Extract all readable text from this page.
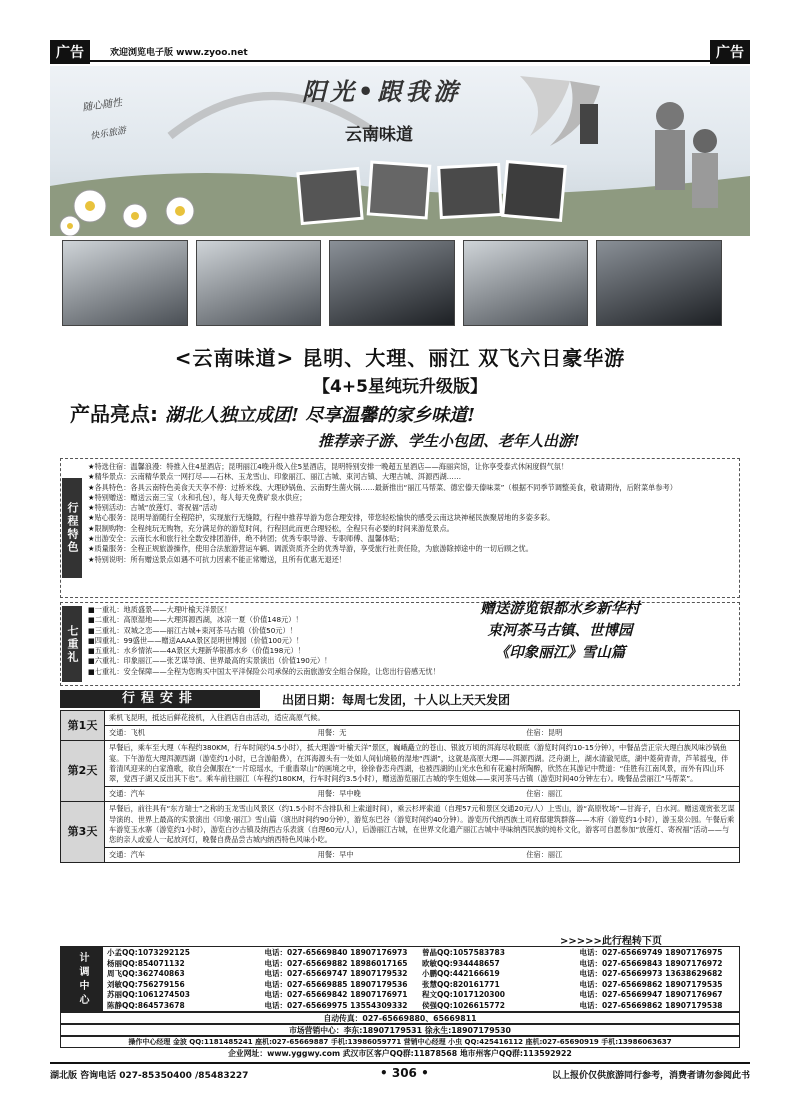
广告	欢迎浏览电子版 www.zyoo.net	广告
阳光•跟我游
云南味道
随心随性
快乐旅游
<云南味道> 昆明、大理、丽江 双飞六日豪华游
【4+5星纯玩升级版】
产品亮点: 湖北人独立成团! 尽享温馨的家乡味道!
推荐亲子游、学生小包团、老年人出游!
行程特色
★特选住宿：温馨浪漫：特推入住4星酒店；昆明丽江4晚升级入住5星酒店，昆明特别安排一晚超五星酒店——海丽宾馆，让你享受泰式休闲度假气氛！
★精华景点：云南精华景点一网打尽——石林、玉龙雪山、印象丽江、丽江古城、束河古镇、大理古城、洱源西湖……
★各具特色：各具云南特色美食天天享不停：过桥米线、大理砂锅鱼、云南野生菌火锅……最新推出“丽江马帮菜、德宏傣天傣味菜”（根据不同季节调整美食，敬请期待，后附菜单参考）
★特别赠送：赠送云南三宝（永和孔包），每人每天免费矿泉水供应；
★特别活动：古城“放莲灯、寄祝福”活动
★贴心服务：昆明导游随行全程陪护，实现旅行无缝隙，行程中推荐导游为您合理安排，带您轻松愉快的感受云南这块神秘民族聚居地的多姿多彩。
★限制购物：全程纯玩无购物，充分满足你的游览时间，行程回此而更合理轻松，全程只有必要的时间来游览景点。
★出游安全：云南长水和旅行社全数安排团游伴，绝不转团；优秀专职导游、专职师傅、温馨体贴；
★质量服务：全程正规旅游操作，使用合法旅游营运车辆、调派资质齐全的优秀导游，享受旅行社责任险，为旅游除掉途中的一切后顾之忧。
★特别说明：所有赠送景点如遇不可抗力因素不能正常赠送，且所有优惠无退还！
七重礼
■一重礼：地质盛景——大理叶榆天洋景区！
■二重礼：高原湿地——大理洱源西湖，冰凉一夏（价值148元）！
■三重礼：双城之恋——丽江古城+束河茶马古镇（价值50元）！
■四重礼：99盛世——赠送AAAA景区昆明世博园（价值100元）！
■五重礼：水乡情浓——4A景区大理新华银都水乡（价值198元）！
■六重礼：印象丽江——张艺谋导演、世界最高的实景演出（价值190元）！
■七重礼：安全保障——全程为您购买中国太平洋保险公司承保的云南旅游安全组合保险，让您出行倍感无忧！
赠送游览银都水乡新华村
束河茶马古镇、世博园
《印象丽江》雪山篇
行程安排	出团日期：每周七发团，十人以上天天发团
第1天	乘机飞昆明，抵达后鲜花接机，入住酒店自由活动，适应高原气候。

	交通：飞机 用餐：无 住宿：昆明

第2天	早餐后，乘车至大理（车程约380KM，行车时间约4.5小时），抵大理游“叶榆天洋”景区，巍峨矗立的苍山、银波万顷的洱海尽收眼底（游览时间约10-15分钟），中餐品尝正宗大理白族风味沙锅鱼宴。下午游览大理洱源西湖（游览约1小时，已含游船费），在洱海源头有一处如人间仙境般的湿地“西湖”，这就是高原大理——洱源西湖。泛舟湖上，湖水清澈见底，湖中菱荷青青，芦苇摇曳，伴着清风迎来的白家渔歌，欲自会佩服在“一片琼瑶水，千重翡翠山”的画境之中，徐徐眷恋舟西湖，也被西湖的山光水色和有花遍村所陶醉，欣然在其游记中赞道：“佳胜有江南风景，而外有四山环翠，觉西子湖又反出其下也”。乘车前往丽江（车程约180KM，行车时间约3.5小时），赠送游览丽江古城的孪生姐妹——束河茶马古镇（游览时间40分钟左右）。晚餐品尝丽江“马帮菜”。

	交通：汽车 用餐：早中晚 住宿：丽江

第3天	早餐后，前往具有“东方瑞士”之称的玉龙雪山风景区（约1.5小时不含排队和上索道时间），乘云杉坪索道（自理57元和景区交通20元/人）上雪山，游“高原牧场”—甘海子，白水河。赠送观赏张艺谋导演的、世界上最高的实景演出《印象·丽江》雪山篇（演出时间约90分钟），游览东巴谷（游览时间约40分钟）。游览历代纳西族土司府邸建筑群落——木府（游览约1小时），游玉泉公园。午餐后乘车游览玉水寨（游览约1小时），游览白沙古镇及纳西古乐表演（自理60元/人），后游丽江古城，在世界文化遗产丽江古城中寻味纳西民族的纯朴文化，游客可自愿参加“放莲灯、寄祝福”活动——与您的亲人或爱人一起放河灯，晚餐自费品尝古城内纳西特色风味小吃。

	交通：汽车 用餐：早中 住宿：丽江
>>>>>此行程转下页
计调中心	小孟QQ:1073292125	电话：027-65669840 18907176973	曾晶QQ:1057583783	电话：027-65669749 18907176975
杨丽QQ:854071132	电话：027-65669882 18986017165	欧敏QQ:934448657	电话：027-65669843 18907176972
周飞QQ:362740863	电话：027-65669747 18907179532	小鹏QQ:442166619	电话：027-65669973 13638629682
刘敏QQ:756279156	电话：027-65669885 18907179536	张慧QQ:820161771	电话：027-65669862 18907179535
苏丽QQ:1061274503	电话：027-65669842 18907176971	程文QQ:1017120300	电话：027-65669947 18907176967
陈静QQ:864573678	电话：027-65669975 13554309332	侯强QQ:1026615772	电话：027-65669862 18907179538
自动传真：027-65669880、65669811
市场营销中心：李东:18907179531 徐永生:18907179530
操作中心经理 金波 QQ:1181485241 座机:027-65669887 手机:13986059771 营销中心经理 小虫 QQ:425416112 座机:027-65690919 手机:13986063637
企业网址：www.yggwy.com 武汉市区客户QQ群:11878568 地市州客户QQ群:113592922
湖北版 咨询电话 027-85350400 /85483227	• 306 •	以上报价仅供旅游同行参考，消费者请勿参阅此书
